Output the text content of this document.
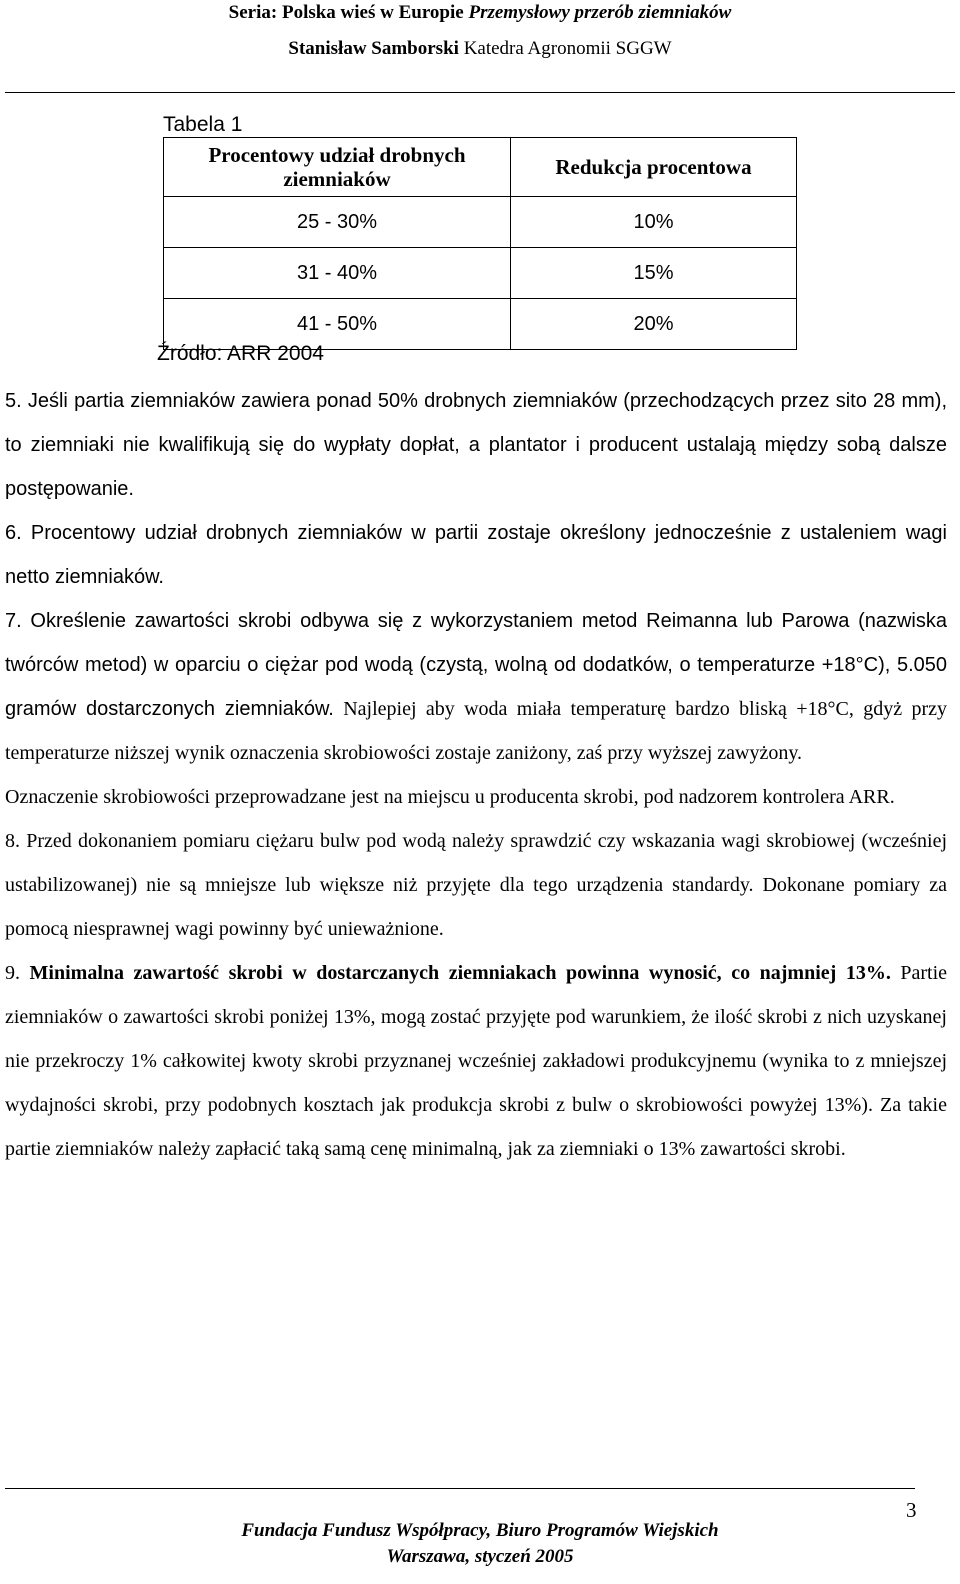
Seria: Polska wieś w Europie Przemysłowy przerób ziemniaków
Stanisław Samborski Katedra Agronomii SGGW
Tabela 1
Procentowy udział drobnych ziemniaków	Redukcja procentowa
25 - 30%	10%
31 - 40%	15%
41 - 50%	20%
Źródło: ARR 2004

5. Jeśli partia ziemniaków zawiera ponad 50% drobnych ziemniaków (przechodzących przez sito 28 mm), to ziemniaki nie kwalifikują się do wypłaty dopłat, a plantator i producent ustalają między sobą dalsze postępowanie.

6. Procentowy udział drobnych ziemniaków w partii zostaje określony jednocześnie z ustaleniem wagi netto ziemniaków.

7. Określenie zawartości skrobi odbywa się z wykorzystaniem metod Reimanna lub Parowa (nazwiska twórców metod) w oparciu o ciężar pod wodą (czystą, wolną od dodatków, o temperaturze +18°C), 5.050 gramów dostarczonych ziemniaków. Najlepiej aby woda miała temperaturę bardzo bliską +18°C, gdyż przy temperaturze niższej wynik oznaczenia skrobiowości zostaje zaniżony, zaś przy wyższej zawyżony.

Oznaczenie skrobiowości przeprowadzane jest na miejscu u producenta skrobi, pod nadzorem kontrolera ARR.

8. Przed dokonaniem pomiaru ciężaru bulw pod wodą należy sprawdzić czy wskazania wagi skrobiowej (wcześniej ustabilizowanej) nie są mniejsze lub większe niż przyjęte dla tego urządzenia standardy. Dokonane pomiary za pomocą niesprawnej wagi powinny być unieważnione.

9. Minimalna zawartość skrobi w dostarczanych ziemniakach powinna wynosić, co najmniej 13%. Partie ziemniaków o zawartości skrobi poniżej 13%, mogą zostać przyjęte pod warunkiem, że ilość skrobi z nich uzyskanej nie przekroczy 1% całkowitej kwoty skrobi przyznanej wcześniej zakładowi produkcyjnemu (wynika to z mniejszej wydajności skrobi, przy podobnych kosztach jak produkcja skrobi z bulw o skrobiowości powyżej 13%). Za takie partie ziemniaków należy zapłacić taką samą cenę minimalną, jak za ziemniaki o 13% zawartości skrobi.

3
Fundacja Fundusz Współpracy, Biuro Programów Wiejskich
Warszawa, styczeń 2005
